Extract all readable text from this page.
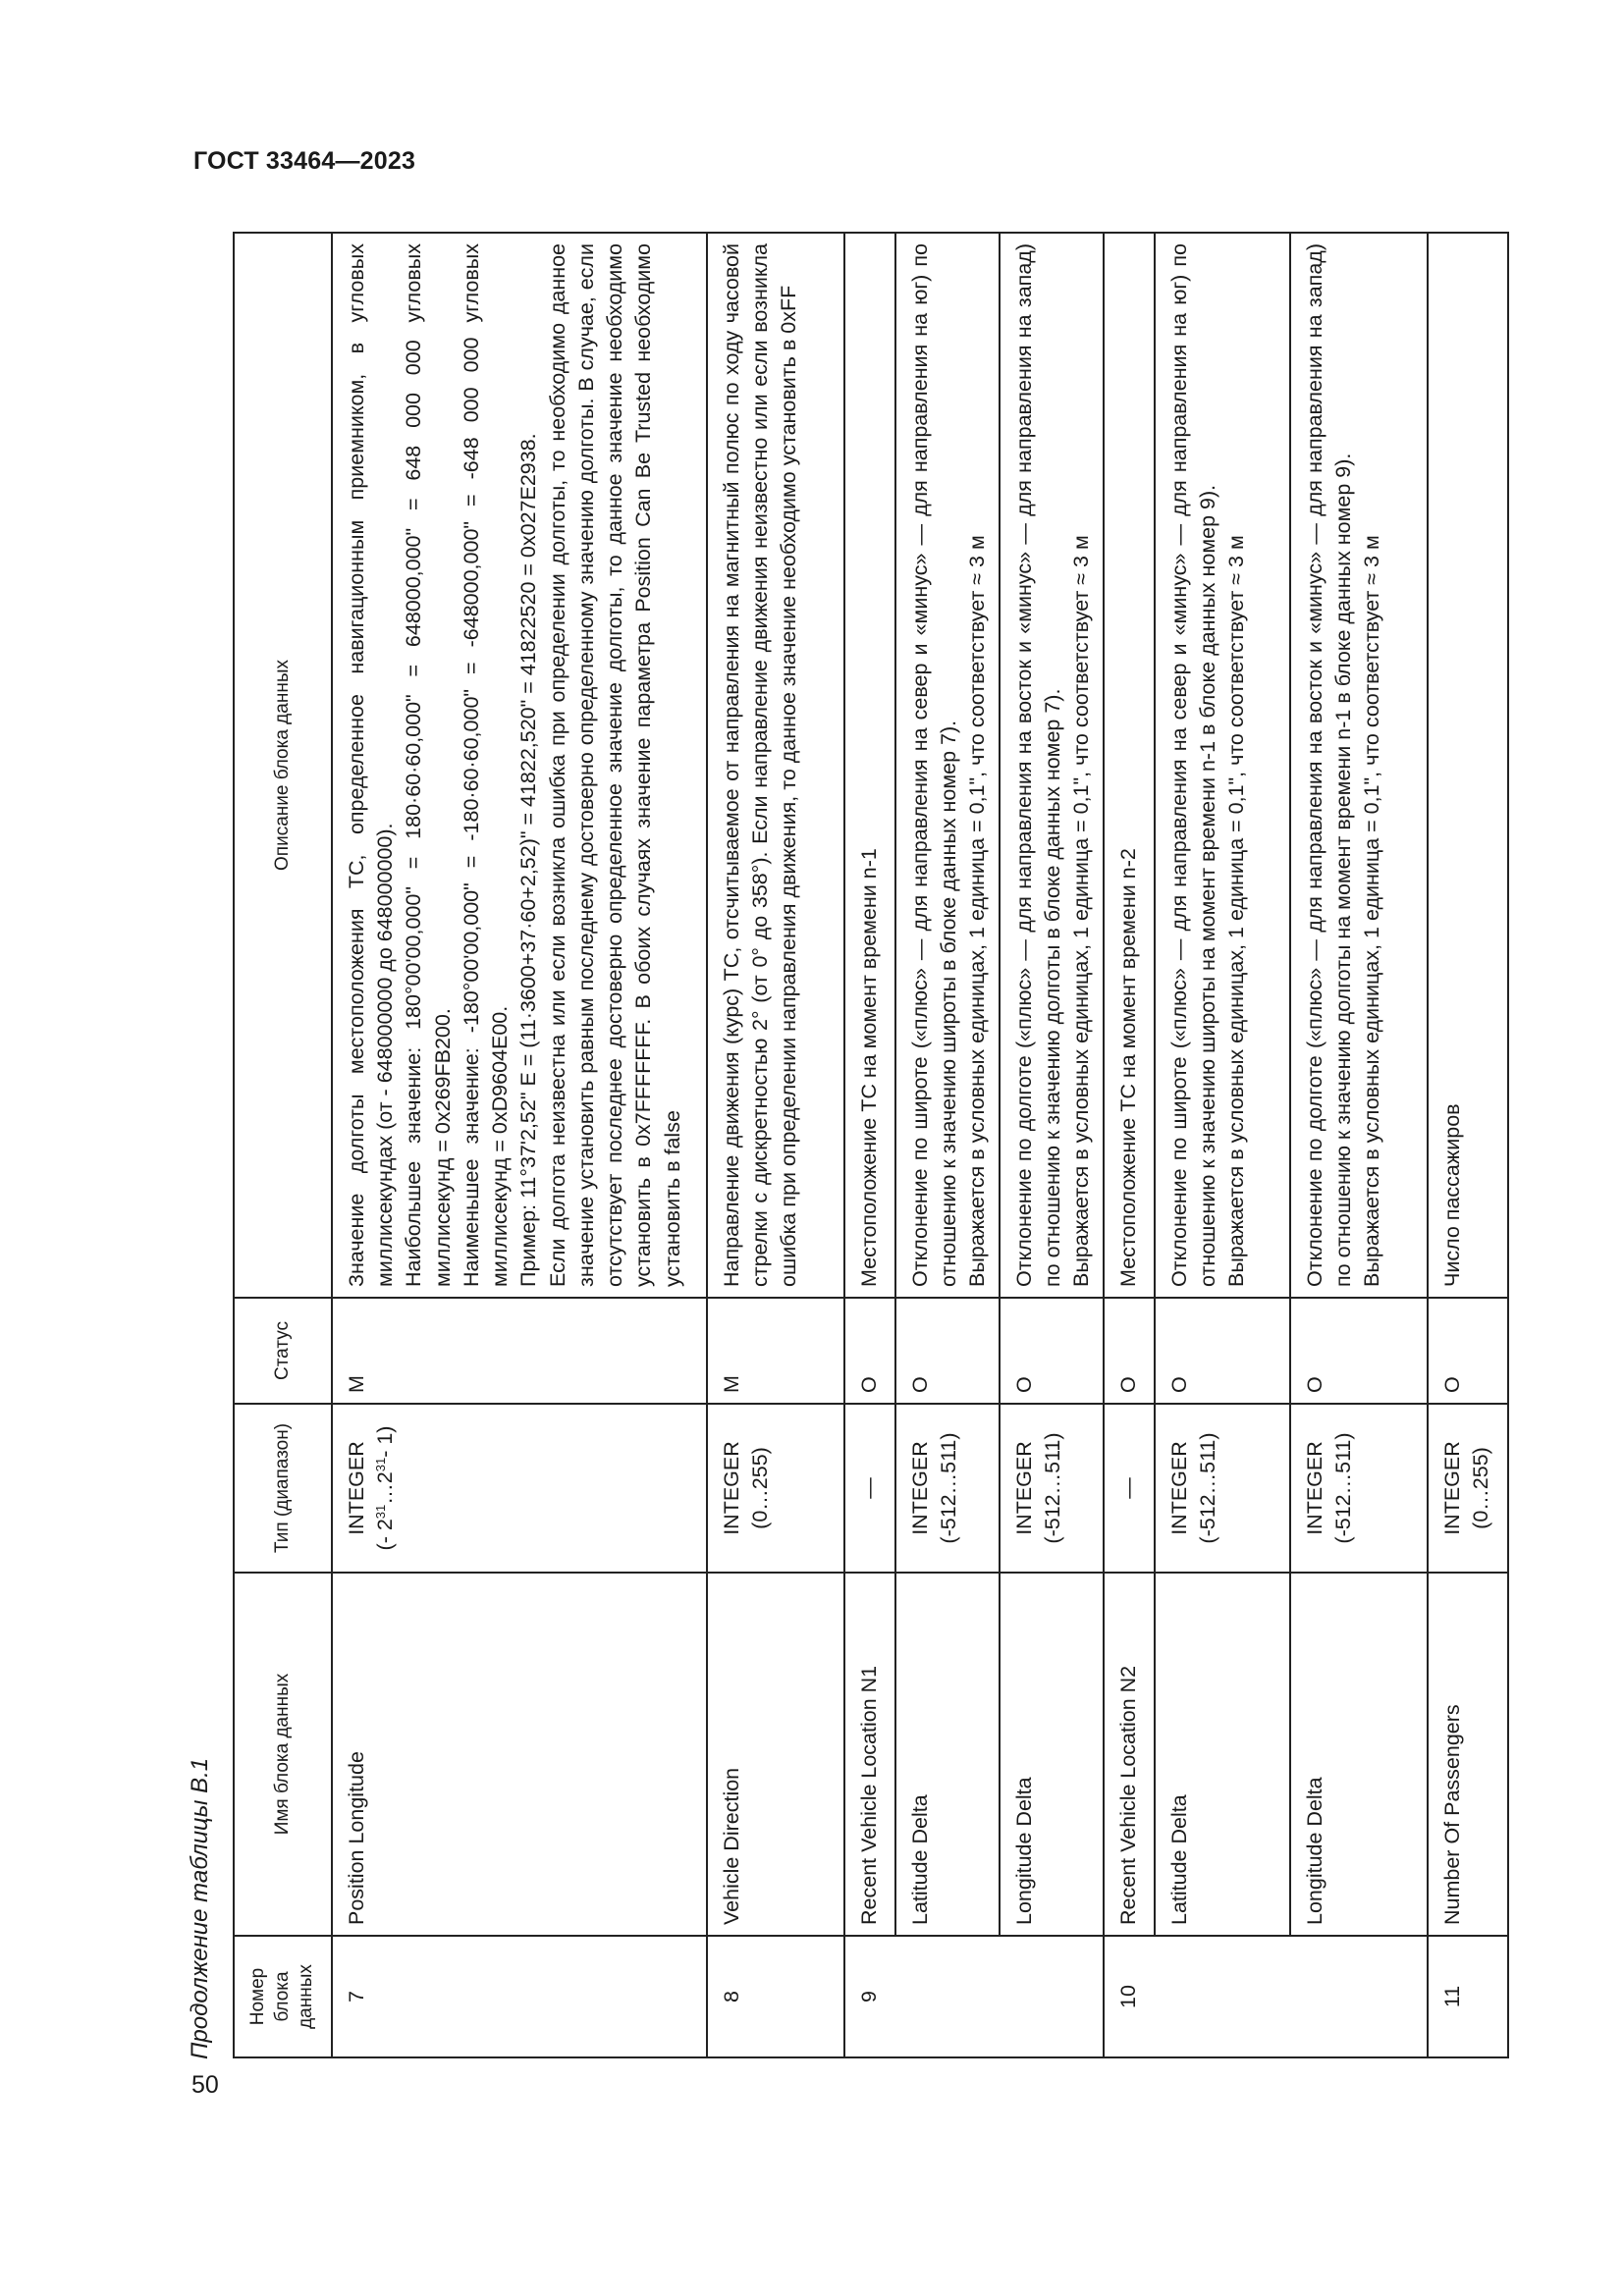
ГОСТ 33464—2023
50
Продолжение таблицы В.1 Номер блока данных	Имя блока данных	Тип (диапазон)	Статус	Описание блока данных
7	Position Longitude	INTEGER (- $2^{31}\dots 2^{31}-$ 1)	M	Значение долготы местоположения ТС, определенное навигационным приемником, в угловых миллисекундах (от - 648000000 до 648000000). Наибольшее значение: 180°00'00,000" = 180·60·60,000" = 648000,000" = 648 000 000 угловых миллисекунд = 0x269FB200. Наименьшее значение: -180°00'00,000" = -180·60·60,000" = -648000,000" = -648 000 000 угловых миллисекунд = 0xD9604E00. Пример: 11°37'2,52" E = (11·3600+37·60+2,52)" = 41822,520" = 41822520 = 0x027E2938. Если долгота неизвестна или если возникла ошибка при определении долготы, то необходимо данное значение установить равным последнему достоверно определенному значению долготы. В случае, если отсутствует последнее достоверно определенное значение долготы, то данное значение необходимо установить в 0x7FFFFFFF. В обоих случаях значение параметра Position Can Be Trusted необходимо установить в false

8	Vehicle Direction	INTEGER (0…255)	M	Направление движения (курс) ТС, отсчитываемое от направления на магнитный полюс по ходу часовой стрелки с дискретностью 2° (от 0° до 358°). Если направление движения неизвестно или если возникла ошибка при определении направления движения, то данное значение необходимо установить в 0xFF

9	Recent Vehicle Location N1	—	O	Местоположение ТС на момент времени n-1

	Latitude Delta	INTEGER (-512…511)	O	Отклонение по широте («плюс» — для направления на север и «минус» — для направления на юг) по отношению к значению широты в блоке данных номер 7). Выражается в условных единицах, 1 единица = 0,1", что соответствует ≈ 3 м

	Longitude Delta	INTEGER (-512…511)	O	Отклонение по долготе («плюс» — для направления на восток и «минус» — для направления на запад) по отношению к значению долготы в блоке данных номер 7). Выражается в условных единицах, 1 единица = 0,1", что соответствует ≈ 3 м

10	Recent Vehicle Location N2	—	O	Местоположение ТС на момент времени n-2

	Latitude Delta	INTEGER (-512…511)	O	Отклонение по широте («плюс» — для направления на север и «минус» — для направления на юг) по отношению к значению широты на момент времени n-1 в блоке данных номер 9). Выражается в условных единицах, 1 единица = 0,1", что соответствует ≈ 3 м

	Longitude Delta	INTEGER (-512…511)	O	Отклонение по долготе («плюс» — для направления на восток и «минус» — для направления на запад) по отношению к значению долготы на момент времени n-1 в блоке данных номер 9). Выражается в условных единицах, 1 единица = 0,1", что соответствует ≈ 3 м

11	Number Of Passengers	INTEGER (0…255)	O	Число пассажиров
